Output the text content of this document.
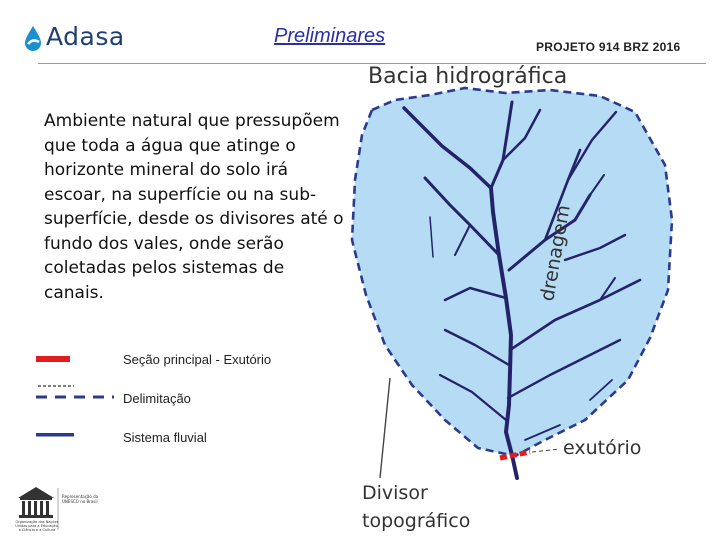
Adasa	Preliminares	PROJETO 914 BRZ 2016
Ambiente natural que pressupõem que toda a água que atinge o horizonte mineral do solo irá escoar, na superfície ou na sub-superfície, desde os divisores até o fundo dos vales, onde serão coletadas pelos sistemas de canais.
Seção principal - Exutório
Delimitação
Sistema fluvial
Representação da UNESCO no Brasil
Organização das Nações Unidas para a Educação, a Ciência e a Cultura
Bacia hidrográfica
drenagem
exutório
Divisor
topográfico
